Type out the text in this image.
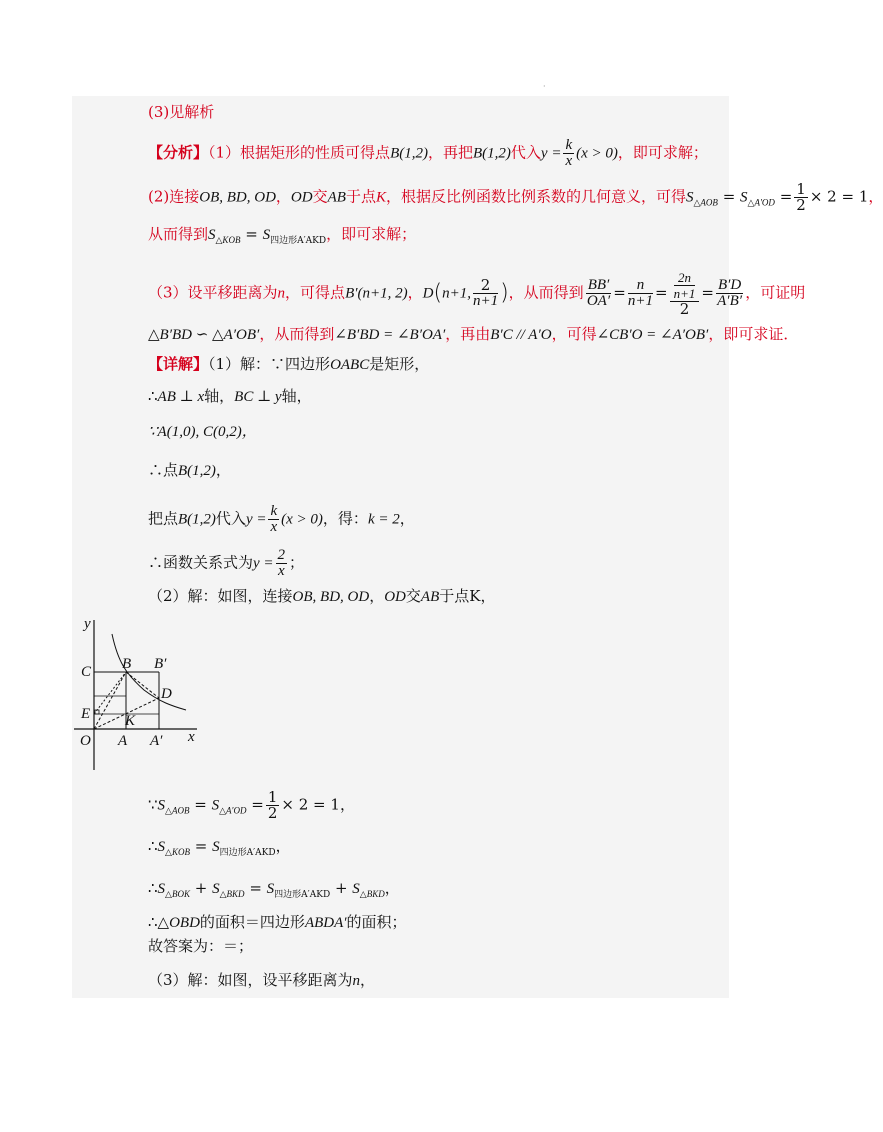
·
(3)见解析
【分析】（1）根据矩形的性质可得点B(1,2)，再把B(1,2)代入$y = \frac{k}{x} (x > 0)$，即可求解；
(2)连接OB, BD, OD，OD交AB于点K，根据反比例函数比例系数的几何意义，可得$S_{\triangle AOB} = S_{\triangle A'OD} = \frac{1}{2} \times 2 = 1$，
从而得到$S_{\triangle KOB} = S_{四边形A'AKD}$，即可求解；
（3）设平移距离为n，可得点B′(n+1, 2)，D(n+1, $\frac{2}{n+1}$ )，从而得到 $\frac{BB'}{OA'} = \frac{n}{n+1} = \frac{\frac{2n}{n+1}}{2} = \frac{B'D}{A'B'}$ ，可证明
△B′BD ∽ △A′OB′，从而得到∠B′BD = ∠B′OA′，再由B′C // A′O，可得∠CB′O = ∠A′OB′，即可求证．
【详解】（1）解：∵四边形OABC是矩形，
∴AB ⊥ x轴，BC ⊥ y轴，
∵A(1,0), C(0,2)，
∴点B(1,2)，
把点B(1,2)代入$y = \frac{k}{x} (x > 0)$，得：k = 2，
∴函数关系式为$y = \frac{2}{x}$ ；
（2）解：如图，连接OB, BD, OD，OD交AB于点K，
y
x
C B B′
E
D
K
O A A′
$\because S_{\triangle AOB} = S_{\triangle A'OD} = \frac{1}{2} \times 2 = 1$，
$\therefore S_{\triangle KOB} = S_{四边形A'AKD}$，
$\therefore S_{\triangle BOK} + S_{\triangle BKD} = S_{四边形A'AKD} + S_{\triangle BKD}$，
∴△OBD的面积＝四边形ABDA′的面积；
故答案为：＝；
（3）解：如图，设平移距离为n，
